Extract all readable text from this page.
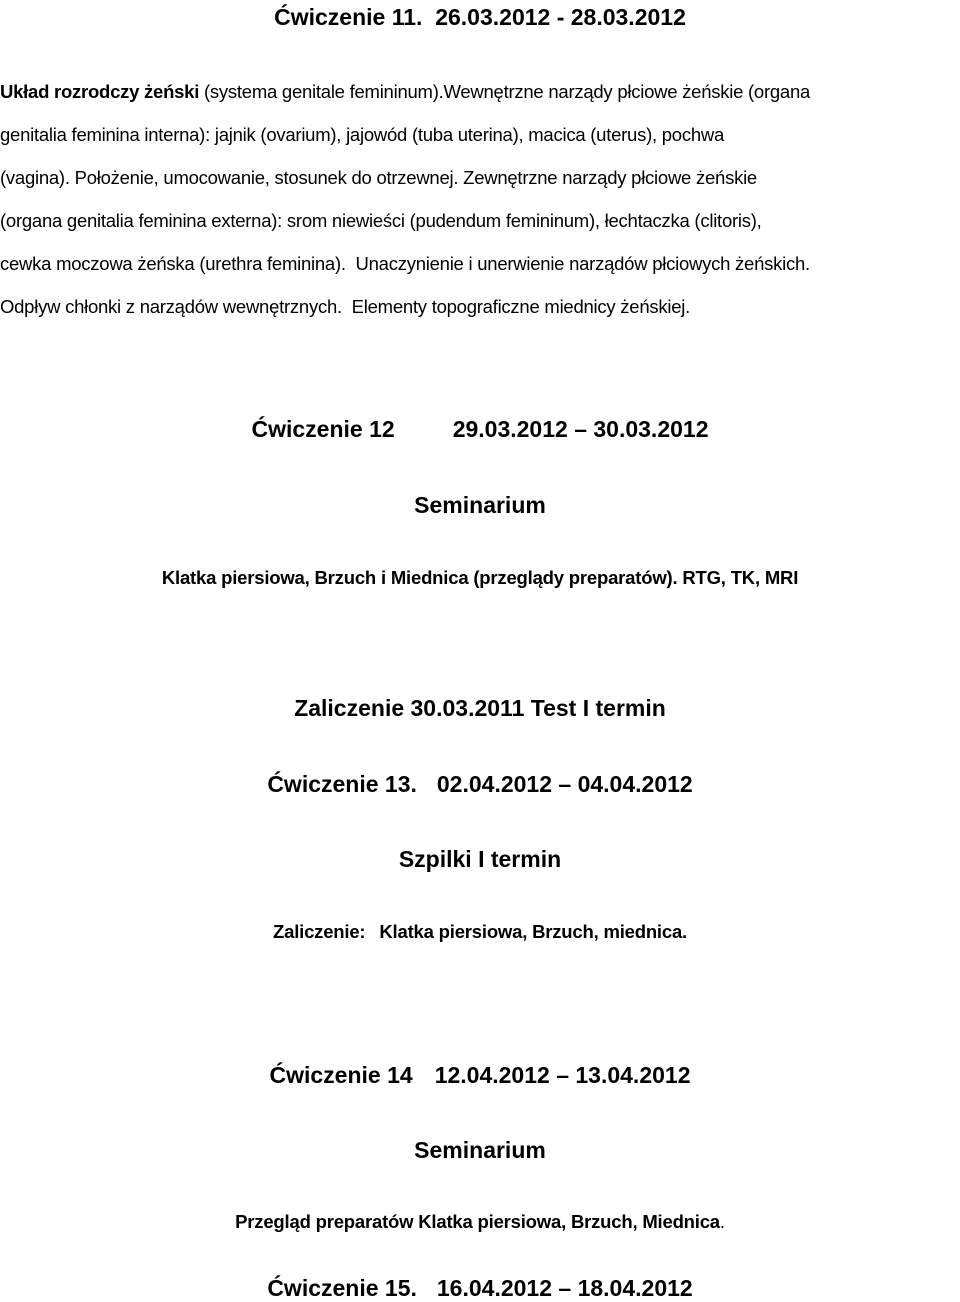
Ćwiczenie 11.  26.03.2012 - 28.03.2012
Układ rozrodczy żeński (systema genitale femininum).Wewnętrzne narządy płciowe żeńskie (organa
genitalia feminina interna): jajnik (ovarium), jajowód (tuba uterina), macica (uterus), pochwa
(vagina). Położenie, umocowanie, stosunek do otrzewnej. Zewnętrzne narządy płciowe żeńskie
(organa genitalia feminina externa): srom niewieści (pudendum femininum), łechtaczka (clitoris),
cewka moczowa żeńska (urethra feminina).  Unaczynienie i unerwienie narządów płciowych żeńskich.
Odpływ chłonki z narządów wewnętrznych.  Elementy topograficzne miednicy żeńskiej.
Ćwiczenie 12	29.03.2012 – 30.03.2012
Seminarium
Klatka piersiowa, Brzuch i Miednica (przeglądy preparatów). RTG, TK, MRI
Zaliczenie 30.03.2011 Test I termin
Ćwiczenie 13. 02.04.2012 – 04.04.2012
Szpilki I termin
Zaliczenie: Klatka piersiowa, Brzuch, miednica.
Ćwiczenie 14 12.04.2012 – 13.04.2012
Seminarium
Przegląd preparatów Klatka piersiowa, Brzuch, Miednica.
Ćwiczenie 15. 16.04.2012 – 18.04.2012
